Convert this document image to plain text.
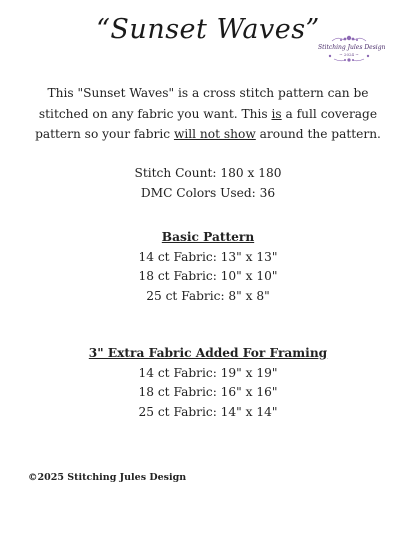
“Sunset Waves”
Stitching Jules Design
~ 2024 ~
This "Sunset Waves" is a cross stitch pattern can be stitched on any fabric you want. This is a full coverage pattern so your fabric will not show around the pattern.
Stitch Count: 180 x 180
DMC Colors Used: 36
Basic Pattern
14 ct Fabric: 13" x 13"
18 ct Fabric: 10" x 10"
25 ct Fabric: 8" x 8"
3" Extra Fabric Added For Framing
14 ct Fabric: 19" x 19"
18 ct Fabric: 16" x 16"
25 ct Fabric: 14" x 14"
©2025 Stitching Jules Design
